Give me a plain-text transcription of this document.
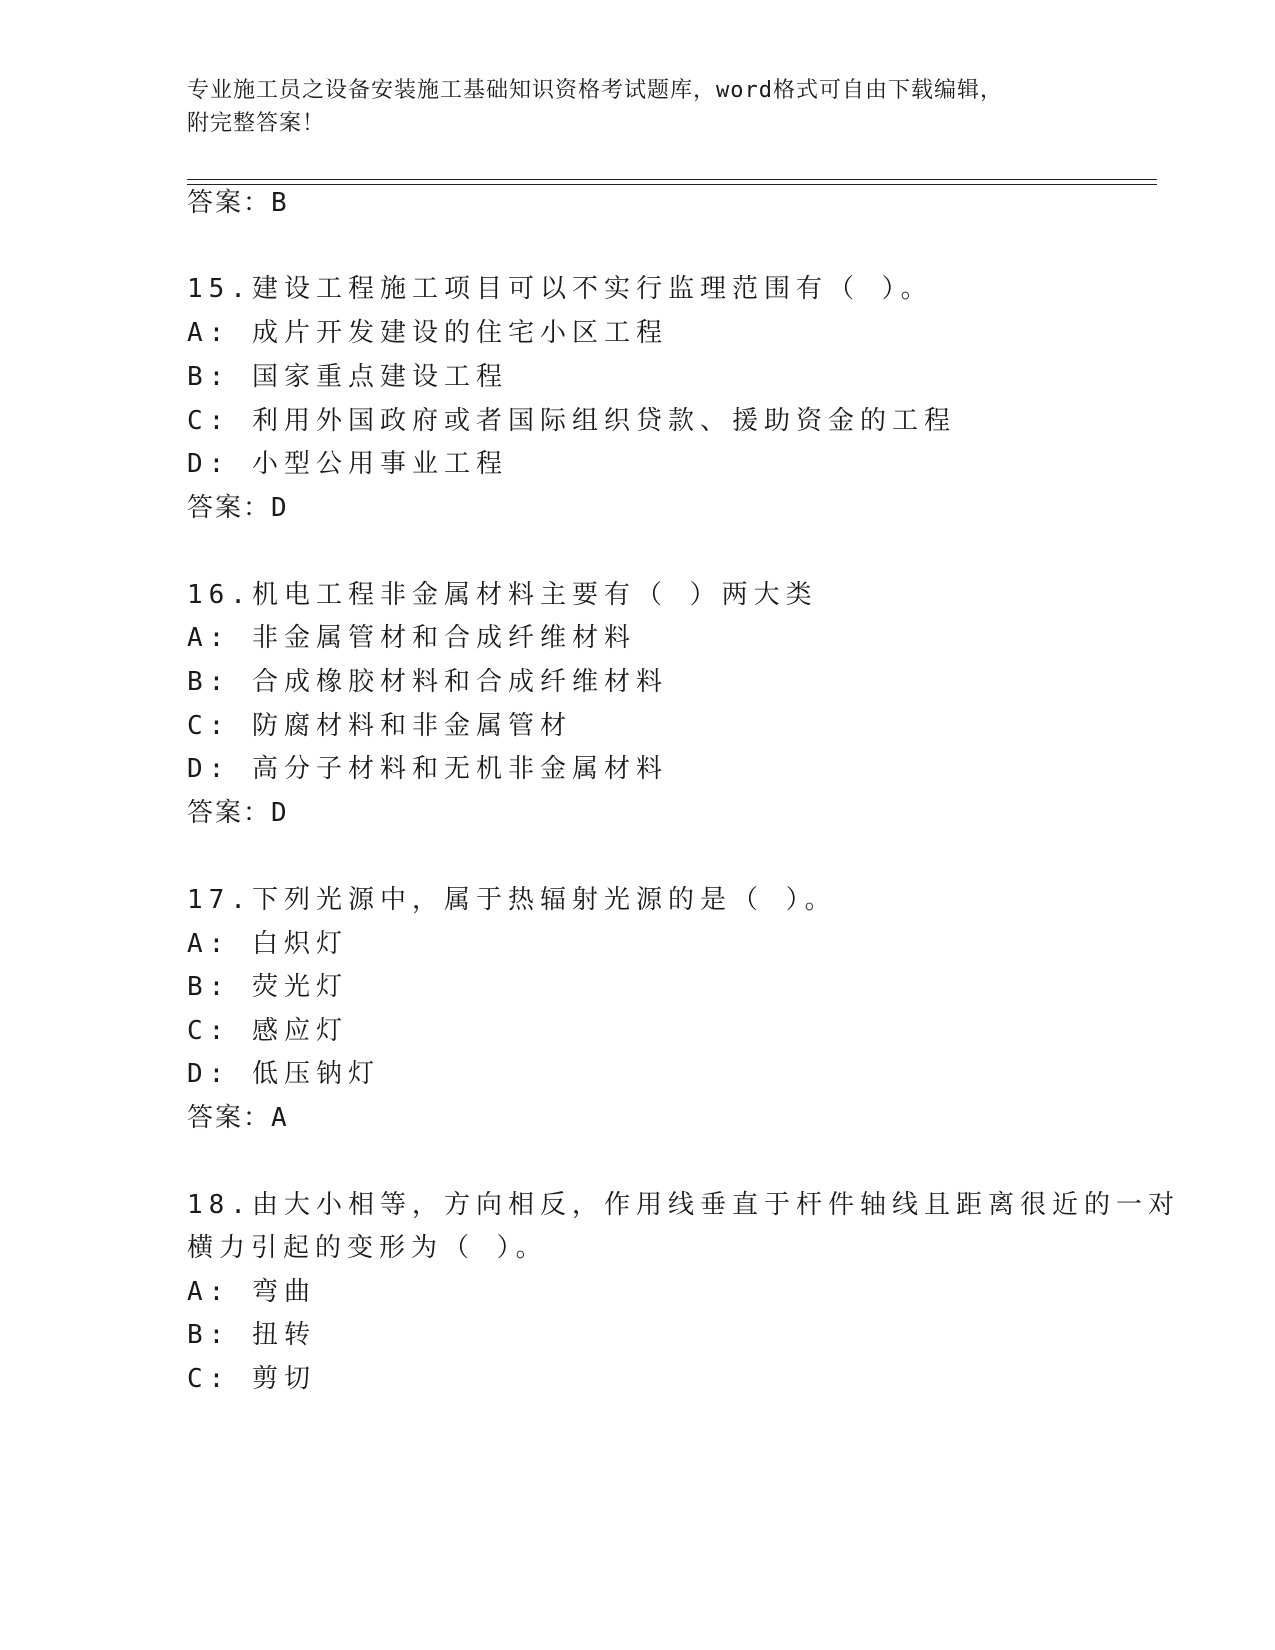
专业施工员之设备安装施工基础知识资格考试题库，word格式可自由下载编辑，
附完整答案！
答案：B
15.建设工程施工项目可以不实行监理范围有（ ）。
A: 成片开发建设的住宅小区工程
B: 国家重点建设工程
C: 利用外国政府或者国际组织贷款、援助资金的工程
D: 小型公用事业工程
答案：D
16.机电工程非金属材料主要有（ ）两大类
A: 非金属管材和合成纤维材料
B: 合成橡胶材料和合成纤维材料
C: 防腐材料和非金属管材
D: 高分子材料和无机非金属材料
答案：D
17.下列光源中，属于热辐射光源的是（ ）。
A: 白炽灯
B: 荧光灯
C: 感应灯
D: 低压钠灯
答案：A
18.由大小相等，方向相反，作用线垂直于杆件轴线且距离很近的一对
横力引起的变形为（ ）。
A: 弯曲
B: 扭转
C: 剪切
